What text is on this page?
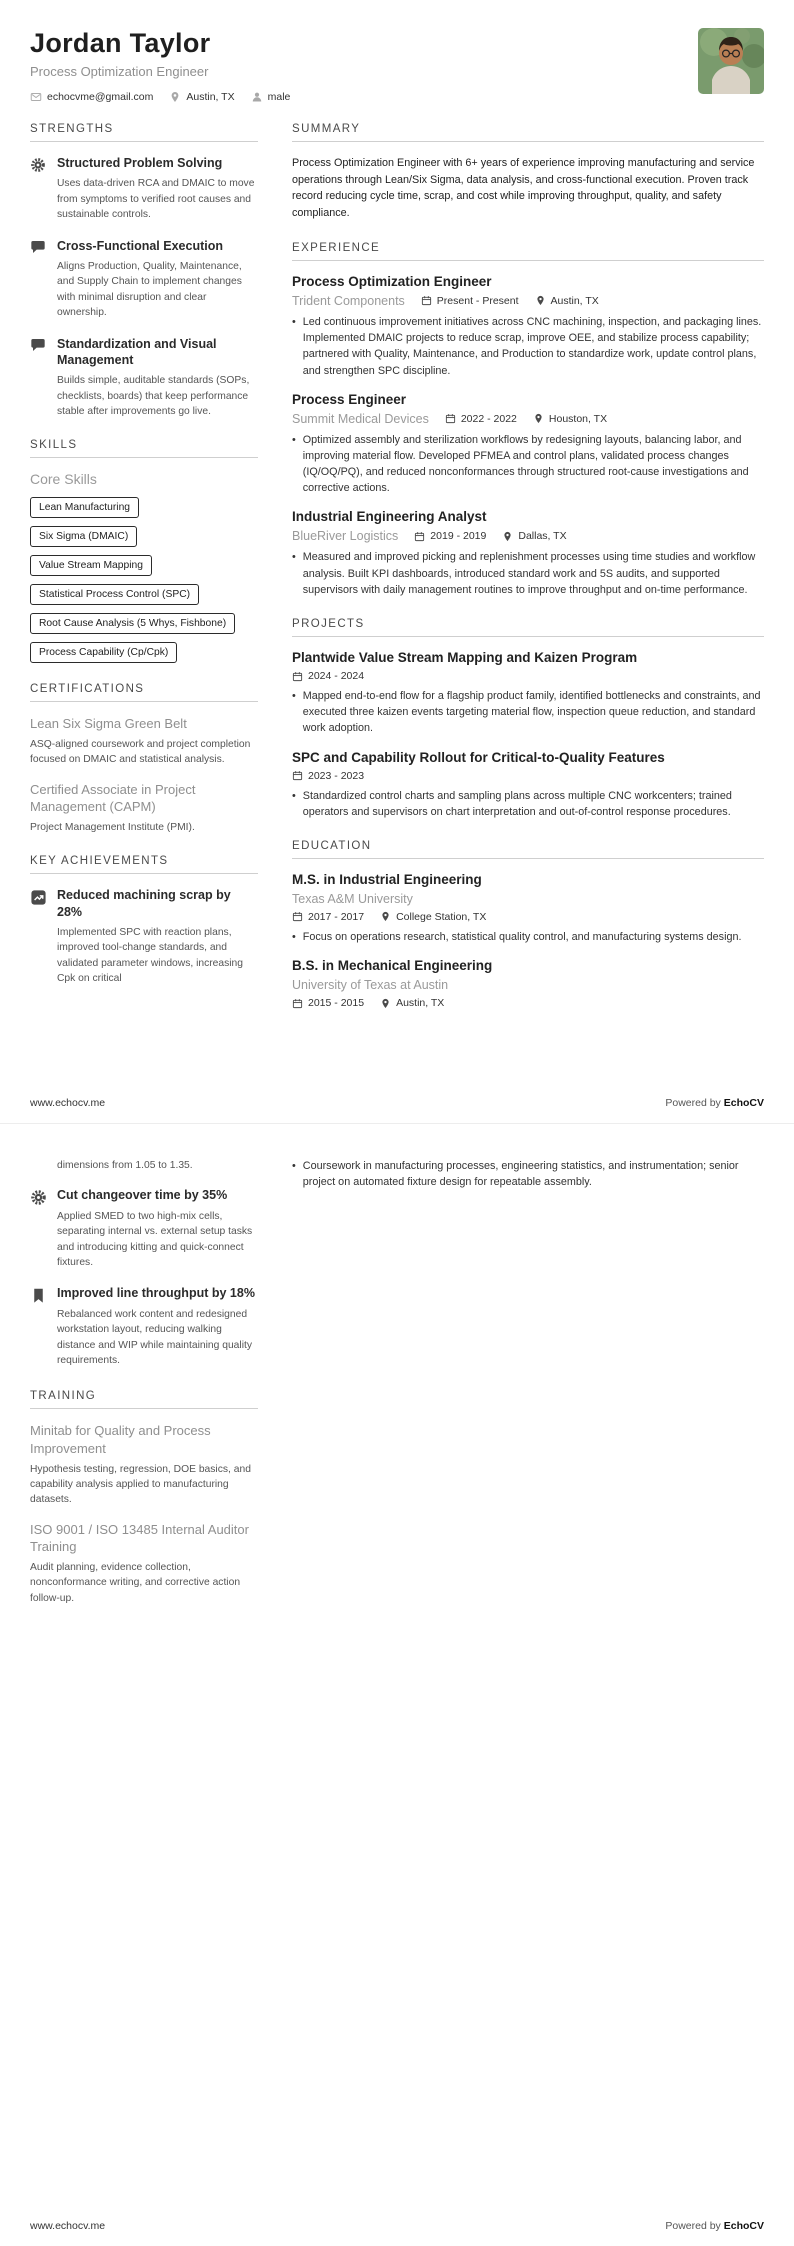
Jordan Taylor
Process Optimization Engineer
echocvme@gmail.com	Austin, TX	male
STRENGTHS
Structured Problem Solving
Uses data-driven RCA and DMAIC to move from symptoms to verified root causes and sustainable controls.
Cross-Functional Execution
Aligns Production, Quality, Maintenance, and Supply Chain to implement changes with minimal disruption and clear ownership.
Standardization and Visual Management
Builds simple, auditable standards (SOPs, checklists, boards) that keep performance stable after improvements go live.
SKILLS
Core Skills
Lean Manufacturing
Six Sigma (DMAIC)
Value Stream Mapping
Statistical Process Control (SPC)
Root Cause Analysis (5 Whys, Fishbone)
Process Capability (Cp/Cpk)
CERTIFICATIONS
Lean Six Sigma Green Belt
ASQ-aligned coursework and project completion focused on DMAIC and statistical analysis.
Certified Associate in Project Management (CAPM)
Project Management Institute (PMI).
KEY ACHIEVEMENTS
Reduced machining scrap by 28%
Implemented SPC with reaction plans, improved tool-change standards, and validated parameter windows, increasing Cpk on critical
SUMMARY
Process Optimization Engineer with 6+ years of experience improving manufacturing and service operations through Lean/Six Sigma, data analysis, and cross-functional execution. Proven track record reducing cycle time, scrap, and cost while improving throughput, quality, and safety compliance.
EXPERIENCE
Process Optimization Engineer
Trident Components	Present - Present	Austin, TX
• Led continuous improvement initiatives across CNC machining, inspection, and packaging lines. Implemented DMAIC projects to reduce scrap, improve OEE, and stabilize process capability; partnered with Quality, Maintenance, and Production to standardize work, update control plans, and strengthen SPC discipline.
Process Engineer
Summit Medical Devices	2022 - 2022	Houston, TX
• Optimized assembly and sterilization workflows by redesigning layouts, balancing labor, and improving material flow. Developed PFMEA and control plans, validated process changes (IQ/OQ/PQ), and reduced nonconformances through structured root-cause investigations and corrective actions.
Industrial Engineering Analyst
BlueRiver Logistics	2019 - 2019	Dallas, TX
• Measured and improved picking and replenishment processes using time studies and workflow analysis. Built KPI dashboards, introduced standard work and 5S audits, and supported supervisors with daily management routines to improve throughput and on-time performance.
PROJECTS
Plantwide Value Stream Mapping and Kaizen Program
2024 - 2024
• Mapped end-to-end flow for a flagship product family, identified bottlenecks and constraints, and executed three kaizen events targeting material flow, inspection queue reduction, and standard work adoption.
SPC and Capability Rollout for Critical-to-Quality Features
2023 - 2023
• Standardized control charts and sampling plans across multiple CNC workcenters; trained operators and supervisors on chart interpretation and out-of-control response procedures.
EDUCATION
M.S. in Industrial Engineering
Texas A&M University
2017 - 2017	College Station, TX
• Focus on operations research, statistical quality control, and manufacturing systems design.
B.S. in Mechanical Engineering
University of Texas at Austin
2015 - 2015	Austin, TX
www.echocv.me	Powered by EchoCV
dimensions from 1.05 to 1.35.
Cut changeover time by 35%
Applied SMED to two high-mix cells, separating internal vs. external setup tasks and introducing kitting and quick-connect fixtures.
Improved line throughput by 18%
Rebalanced work content and redesigned workstation layout, reducing walking distance and WIP while maintaining quality requirements.
TRAINING
Minitab for Quality and Process Improvement
Hypothesis testing, regression, DOE basics, and capability analysis applied to manufacturing datasets.
ISO 9001 / ISO 13485 Internal Auditor Training
Audit planning, evidence collection, nonconformance writing, and corrective action follow-up.
• Coursework in manufacturing processes, engineering statistics, and instrumentation; senior project on automated fixture design for repeatable assembly.
www.echocv.me	Powered by EchoCV
